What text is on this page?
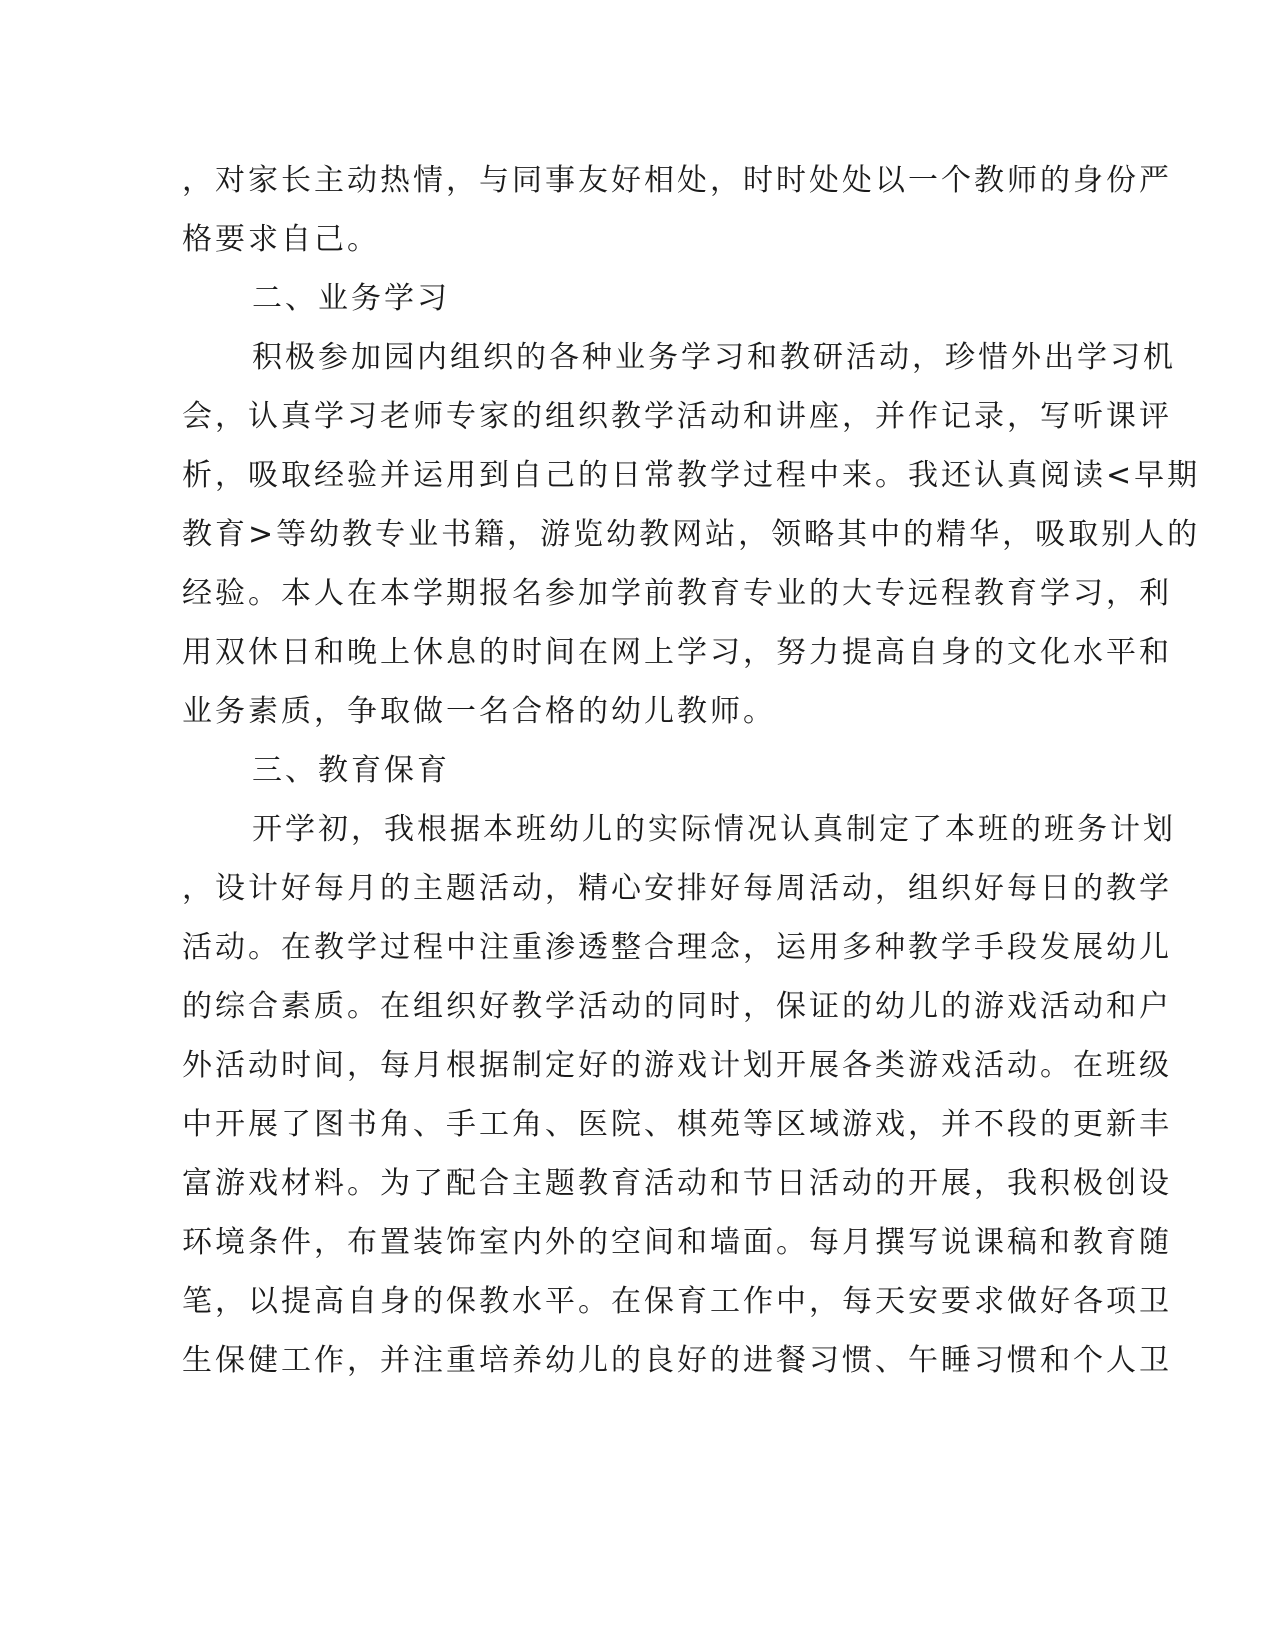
，对家长主动热情，与同事友好相处，时时处处以一个教师的身份严
格要求自己。
二、业务学习
积极参加园内组织的各种业务学习和教研活动，珍惜外出学习机
会，认真学习老师专家的组织教学活动和讲座，并作记录，写听课评
析，吸取经验并运用到自己的日常教学过程中来。我还认真阅读<早期
教育>等幼教专业书籍，游览幼教网站，领略其中的精华，吸取别人的
经验。本人在本学期报名参加学前教育专业的大专远程教育学习，利
用双休日和晚上休息的时间在网上学习，努力提高自身的文化水平和
业务素质，争取做一名合格的幼儿教师。
三、教育保育
开学初，我根据本班幼儿的实际情况认真制定了本班的班务计划
，设计好每月的主题活动，精心安排好每周活动，组织好每日的教学
活动。在教学过程中注重渗透整合理念，运用多种教学手段发展幼儿
的综合素质。在组织好教学活动的同时，保证的幼儿的游戏活动和户
外活动时间，每月根据制定好的游戏计划开展各类游戏活动。在班级
中开展了图书角、手工角、医院、棋苑等区域游戏，并不段的更新丰
富游戏材料。为了配合主题教育活动和节日活动的开展，我积极创设
环境条件，布置装饰室内外的空间和墙面。每月撰写说课稿和教育随
笔，以提高自身的保教水平。在保育工作中，每天安要求做好各项卫
生保健工作，并注重培养幼儿的良好的进餐习惯、午睡习惯和个人卫
